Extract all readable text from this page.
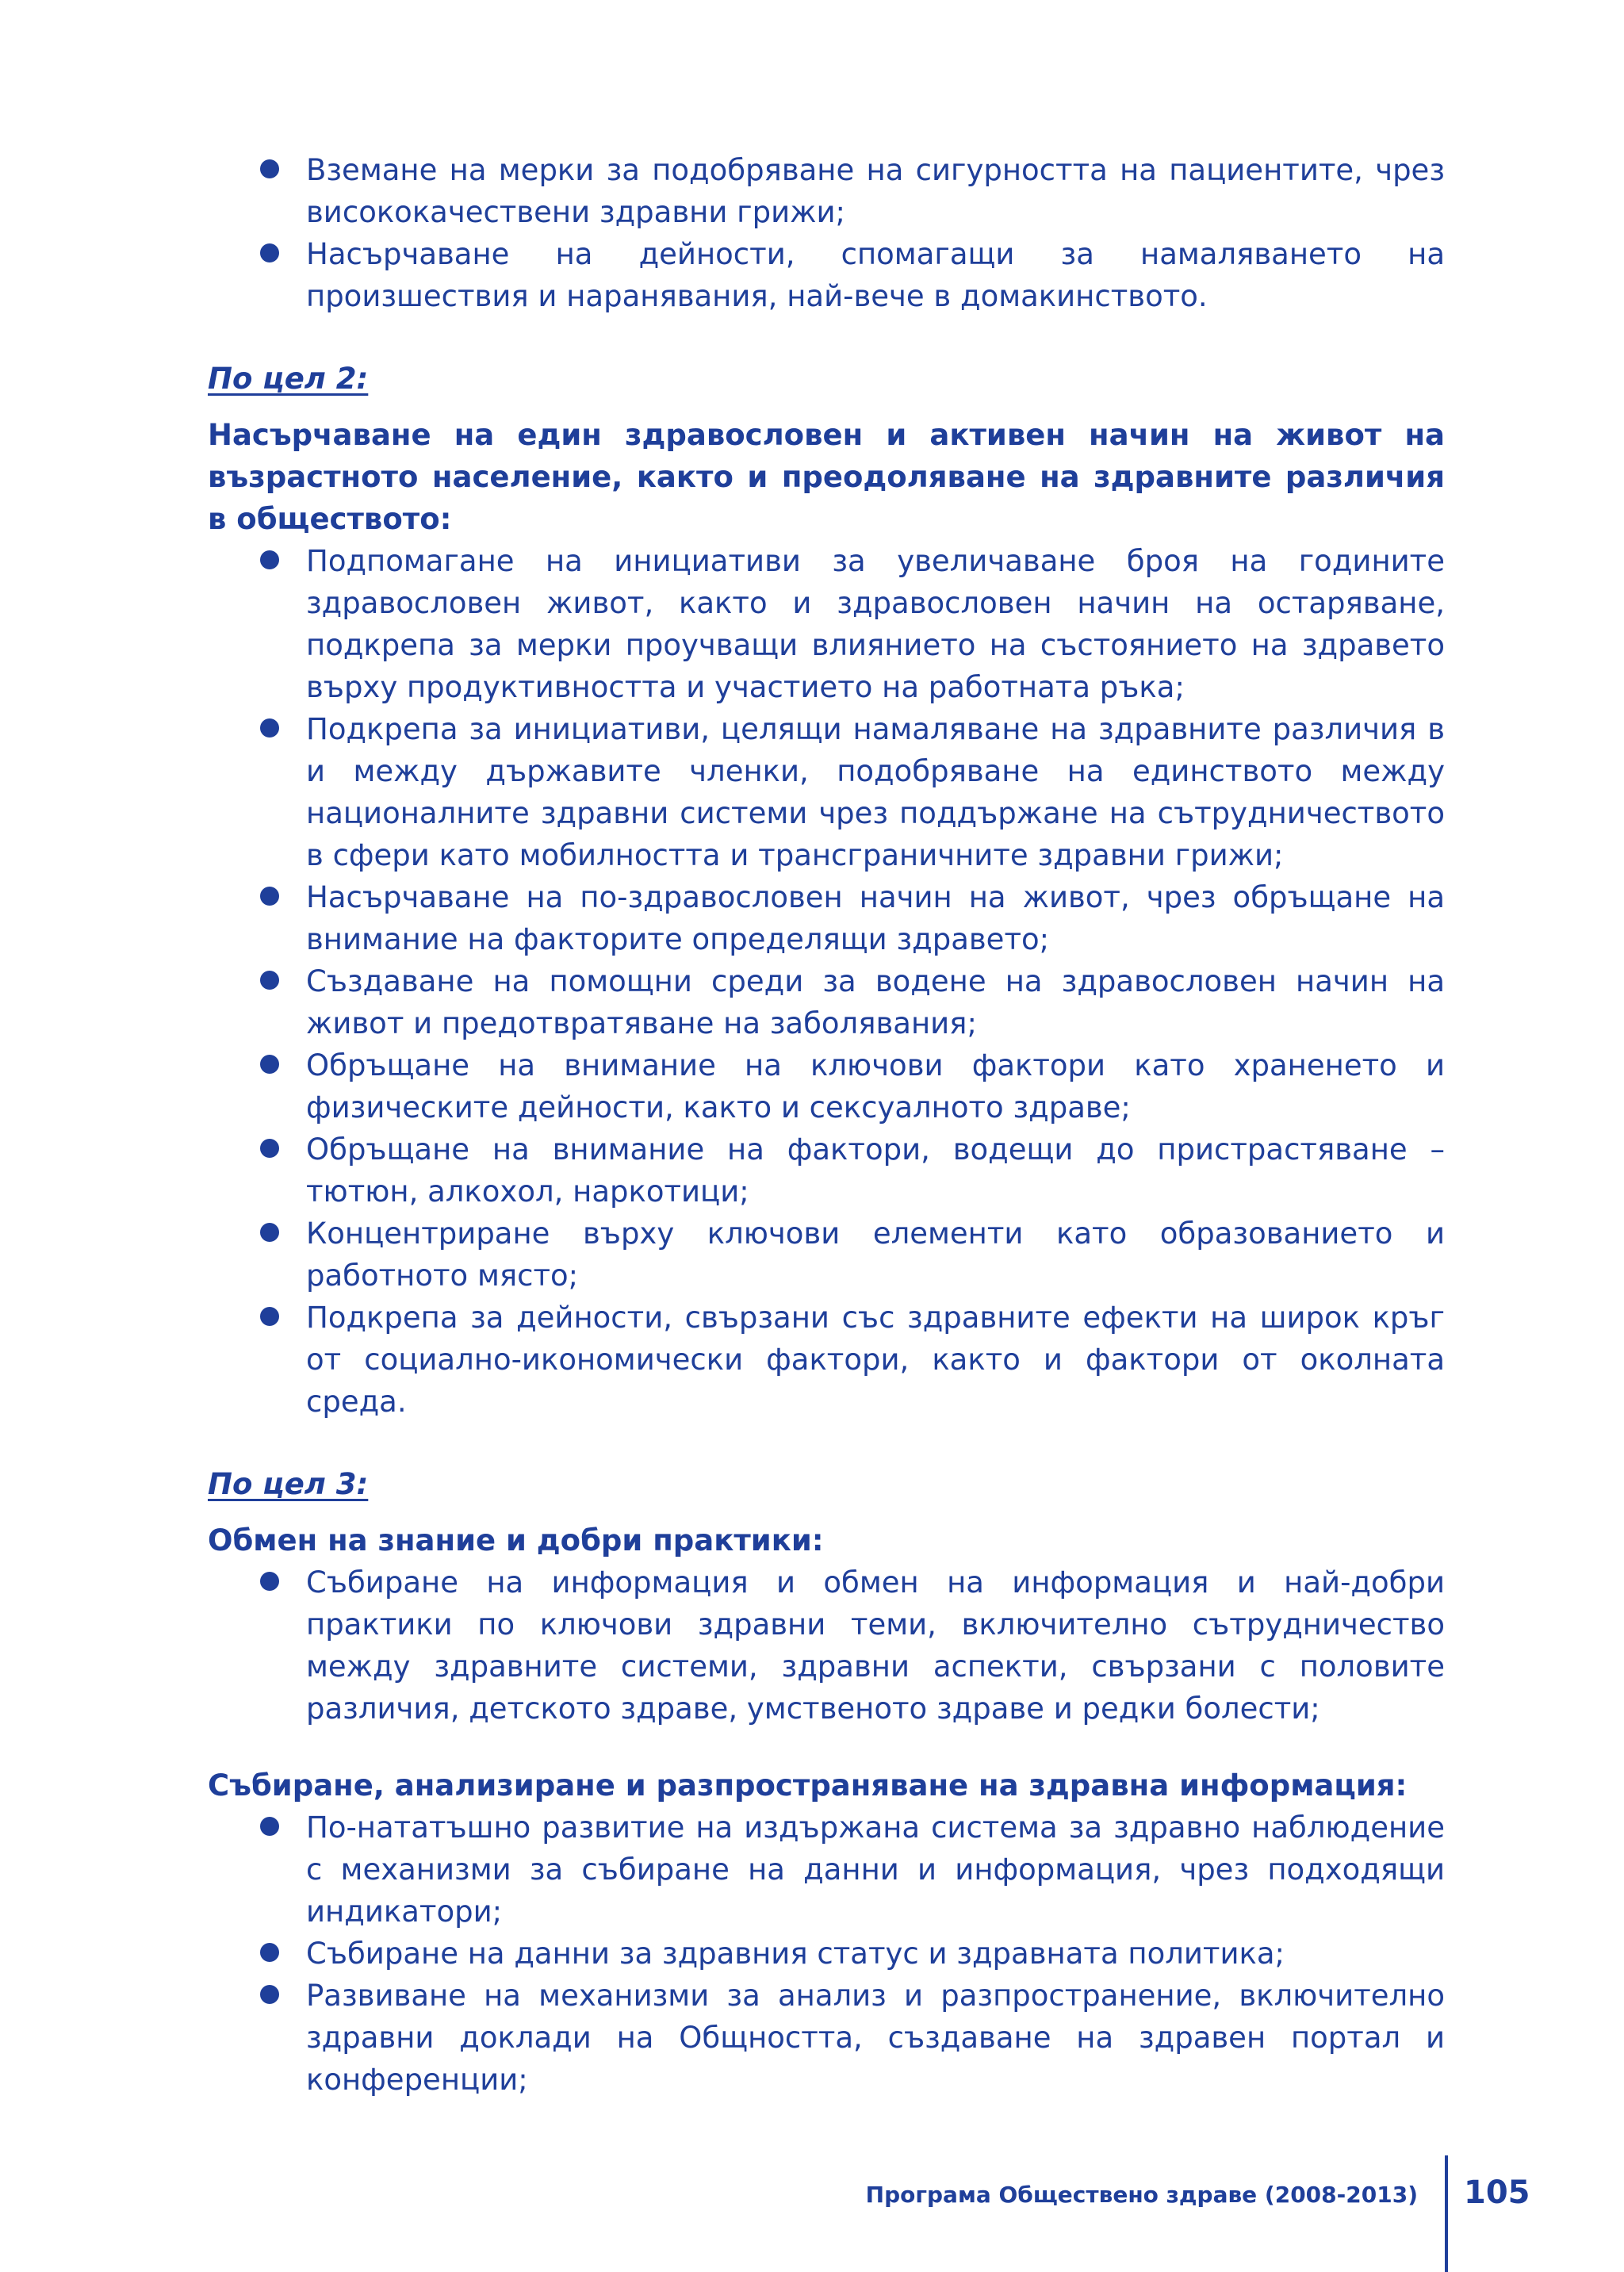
Вземане на мерки за подобряване на сигурността на пациентите, чрез висококачествени здравни грижи;
Насърчаване на дейности, спомагащи за намаляването на произшествия и наранявания, най-вече в домакинството.

По цел 2:

Насърчаване на един здравословен и активен начин на живот на възрастното население, както и преодоляване на здравните различия в обществото:

Подпомагане на инициативи за увеличаване броя на годините здравословен живот, както и здравословен начин на остаряване, подкрепа за мерки проучващи влиянието на състоянието на здравето върху продуктивността и участието на работната ръка;
Подкрепа за инициативи, целящи намаляване на здравните различия в и между държавите членки, подобряване на единството между националните здравни системи чрез поддържане на сътрудничеството в сфери като мобилността и трансграничните здравни грижи;
Насърчаване на по-здравословен начин на живот, чрез обръщане на внимание на факторите определящи здравето;
Създаване на помощни среди за водене на здравословен начин на живот и предотвратяване на заболявания;
Обръщане на внимание на ключови фактори като храненето и физическите дейности, както и сексуалното здраве;
Обръщане на внимание на фактори, водещи до пристрастяване – тютюн, алкохол, наркотици;
Концентриране върху ключови елементи като образованието и работното място;
Подкрепа за дейности, свързани със здравните ефекти на широк кръг от социално-икономически фактори, както и фактори от околната среда.

По цел 3:

Обмен на знание и добри практики:

Събиране на информация и обмен на информация и най-добри практики по ключови здравни теми, включително сътрудничество между здравните системи, здравни аспекти, свързани с половите различия, детското здраве, умственото здраве и редки болести;

Събиране, анализиране и разпространяване на здравна информация:

По-нататъшно развитие на издържана система за здравно наблюдение с механизми за събиране на данни и информация, чрез подходящи индикатори;
Събиране на данни за здравния статус и здравната политика;
Развиване на механизми за анализ и разпространение, включително здравни доклади на Общността, създаване на здравен портал и конференции;
Програма Обществено здраве (2008-2013) 105
